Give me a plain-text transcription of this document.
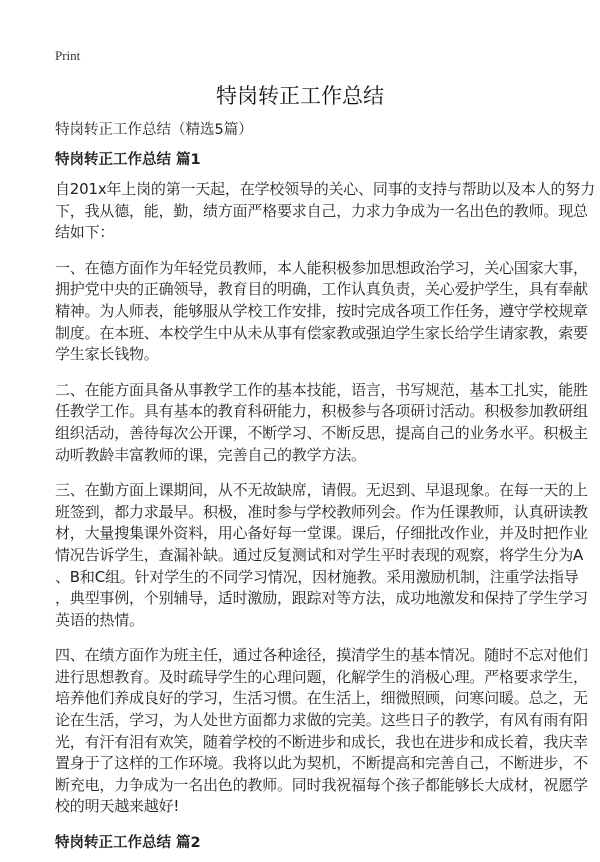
Print
特岗转正工作总结
特岗转正工作总结（精选5篇）
特岗转正工作总结 篇1
自201x年上岗的第一天起，在学校领导的关心、同事的支持与帮助以及本人的努力
下，我从德，能，勤，绩方面严格要求自己，力求力争成为一名出色的教师。现总
结如下：
一、在德方面作为年轻党员教师，本人能积极参加思想政治学习，关心国家大事，
拥护党中央的正确领导，教育目的明确，工作认真负责，关心爱护学生，具有奉献
精神。为人师表，能够服从学校工作安排，按时完成各项工作任务，遵守学校规章
制度。在本班、本校学生中从未从事有偿家教或强迫学生家长给学生请家教，索要
学生家长钱物。
二、在能方面具备从事教学工作的基本技能，语言，书写规范，基本工扎实，能胜
任教学工作。具有基本的教育科研能力，积极参与各项研讨活动。积极参加教研组
组织活动，善待每次公开课，不断学习、不断反思，提高自己的业务水平。积极主
动听教龄丰富教师的课，完善自己的教学方法。
三、在勤方面上课期间，从不无故缺席，请假。无迟到、早退现象。在每一天的上
班签到，都力求最早。积极，准时参与学校教师列会。作为任课教师，认真研读教
材，大量搜集课外资料，用心备好每一堂课。课后，仔细批改作业，并及时把作业
情况告诉学生，查漏补缺。通过反复测试和对学生平时表现的观察，将学生分为A
、B和C组。针对学生的不同学习情况，因材施教。采用激励机制，注重学法指导
，典型事例，个别辅导，适时激励，跟踪对等方法，成功地激发和保持了学生学习
英语的热情。
四、在绩方面作为班主任，通过各种途径，摸清学生的基本情况。随时不忘对他们
进行思想教育。及时疏导学生的心理问题，化解学生的消极心理。严格要求学生，
培养他们养成良好的学习，生活习惯。在生活上，细微照顾，问寒问暖。总之，无
论在生活，学习，为人处世方面都力求做的完美。这些日子的教学，有风有雨有阳
光，有汗有泪有欢笑，随着学校的不断进步和成长，我也在进步和成长着，我庆幸
置身于了这样的工作环境。我将以此为契机，不断提高和完善自己，不断进步，不
断充电，力争成为一名出色的教师。同时我祝福每个孩子都能够长大成材，祝愿学
校的明天越来越好!
特岗转正工作总结 篇2
